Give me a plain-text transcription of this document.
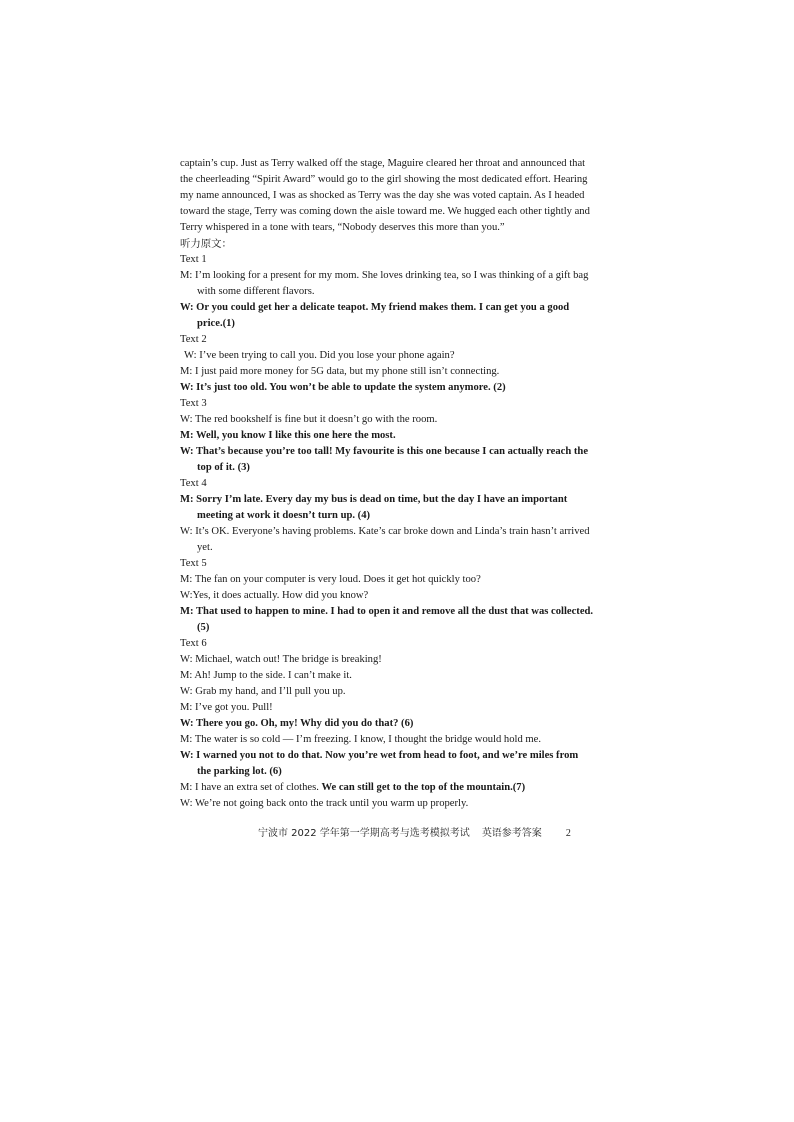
captain’s cup. Just as Terry walked off the stage, Maguire cleared her throat and announced that
the cheerleading “Spirit Award” would go to the girl showing the most dedicated effort. Hearing
my name announced, I was as shocked as Terry was the day she was voted captain. As I headed
toward the stage, Terry was coming down the aisle toward me. We hugged each other tightly and
Terry whispered in a tone with tears, “Nobody deserves this more than you.”
听力原文：
Text 1
M: I’m looking for a present for my mom. She loves drinking tea, so I was thinking of a gift bag
with some different flavors.
W: Or you could get her a delicate teapot. My friend makes them. I can get you a good
price.(1)
Text 2
W: I’ve been trying to call you. Did you lose your phone again?
M: I just paid more money for 5G data, but my phone still isn’t connecting.
W: It’s just too old. You won’t be able to update the system anymore. (2)
Text 3
W: The red bookshelf is fine but it doesn’t go with the room.
M: Well, you know I like this one here the most.
W: That’s because you’re too tall! My favourite is this one because I can actually reach the
top of it. (3)
Text 4
M: Sorry I’m late. Every day my bus is dead on time, but the day I have an important
meeting at work it doesn’t turn up. (4)
W: It’s OK. Everyone’s having problems. Kate’s car broke down and Linda’s train hasn’t arrived
yet.
Text 5
M: The fan on your computer is very loud. Does it get hot quickly too?
W:Yes, it does actually. How did you know?
M: That used to happen to mine. I had to open it and remove all the dust that was collected.
(5)
Text 6
W: Michael, watch out! The bridge is breaking!
M: Ah! Jump to the side. I can’t make it.
W: Grab my hand, and I’ll pull you up.
M: I’ve got you. Pull!
W: There you go. Oh, my! Why did you do that? (6)
M: The water is so cold — I’m freezing. I know, I thought the bridge would hold me.
W: I warned you not to do that. Now you’re wet from head to foot, and we’re miles from
the parking lot. (6)
M: I have an extra set of clothes. We can still get to the top of the mountain.(7)
W: We’re not going back onto the track until you warm up properly.
宁波市 2022 学年第一学期高考与选考模拟考试 英语参考答案 2
